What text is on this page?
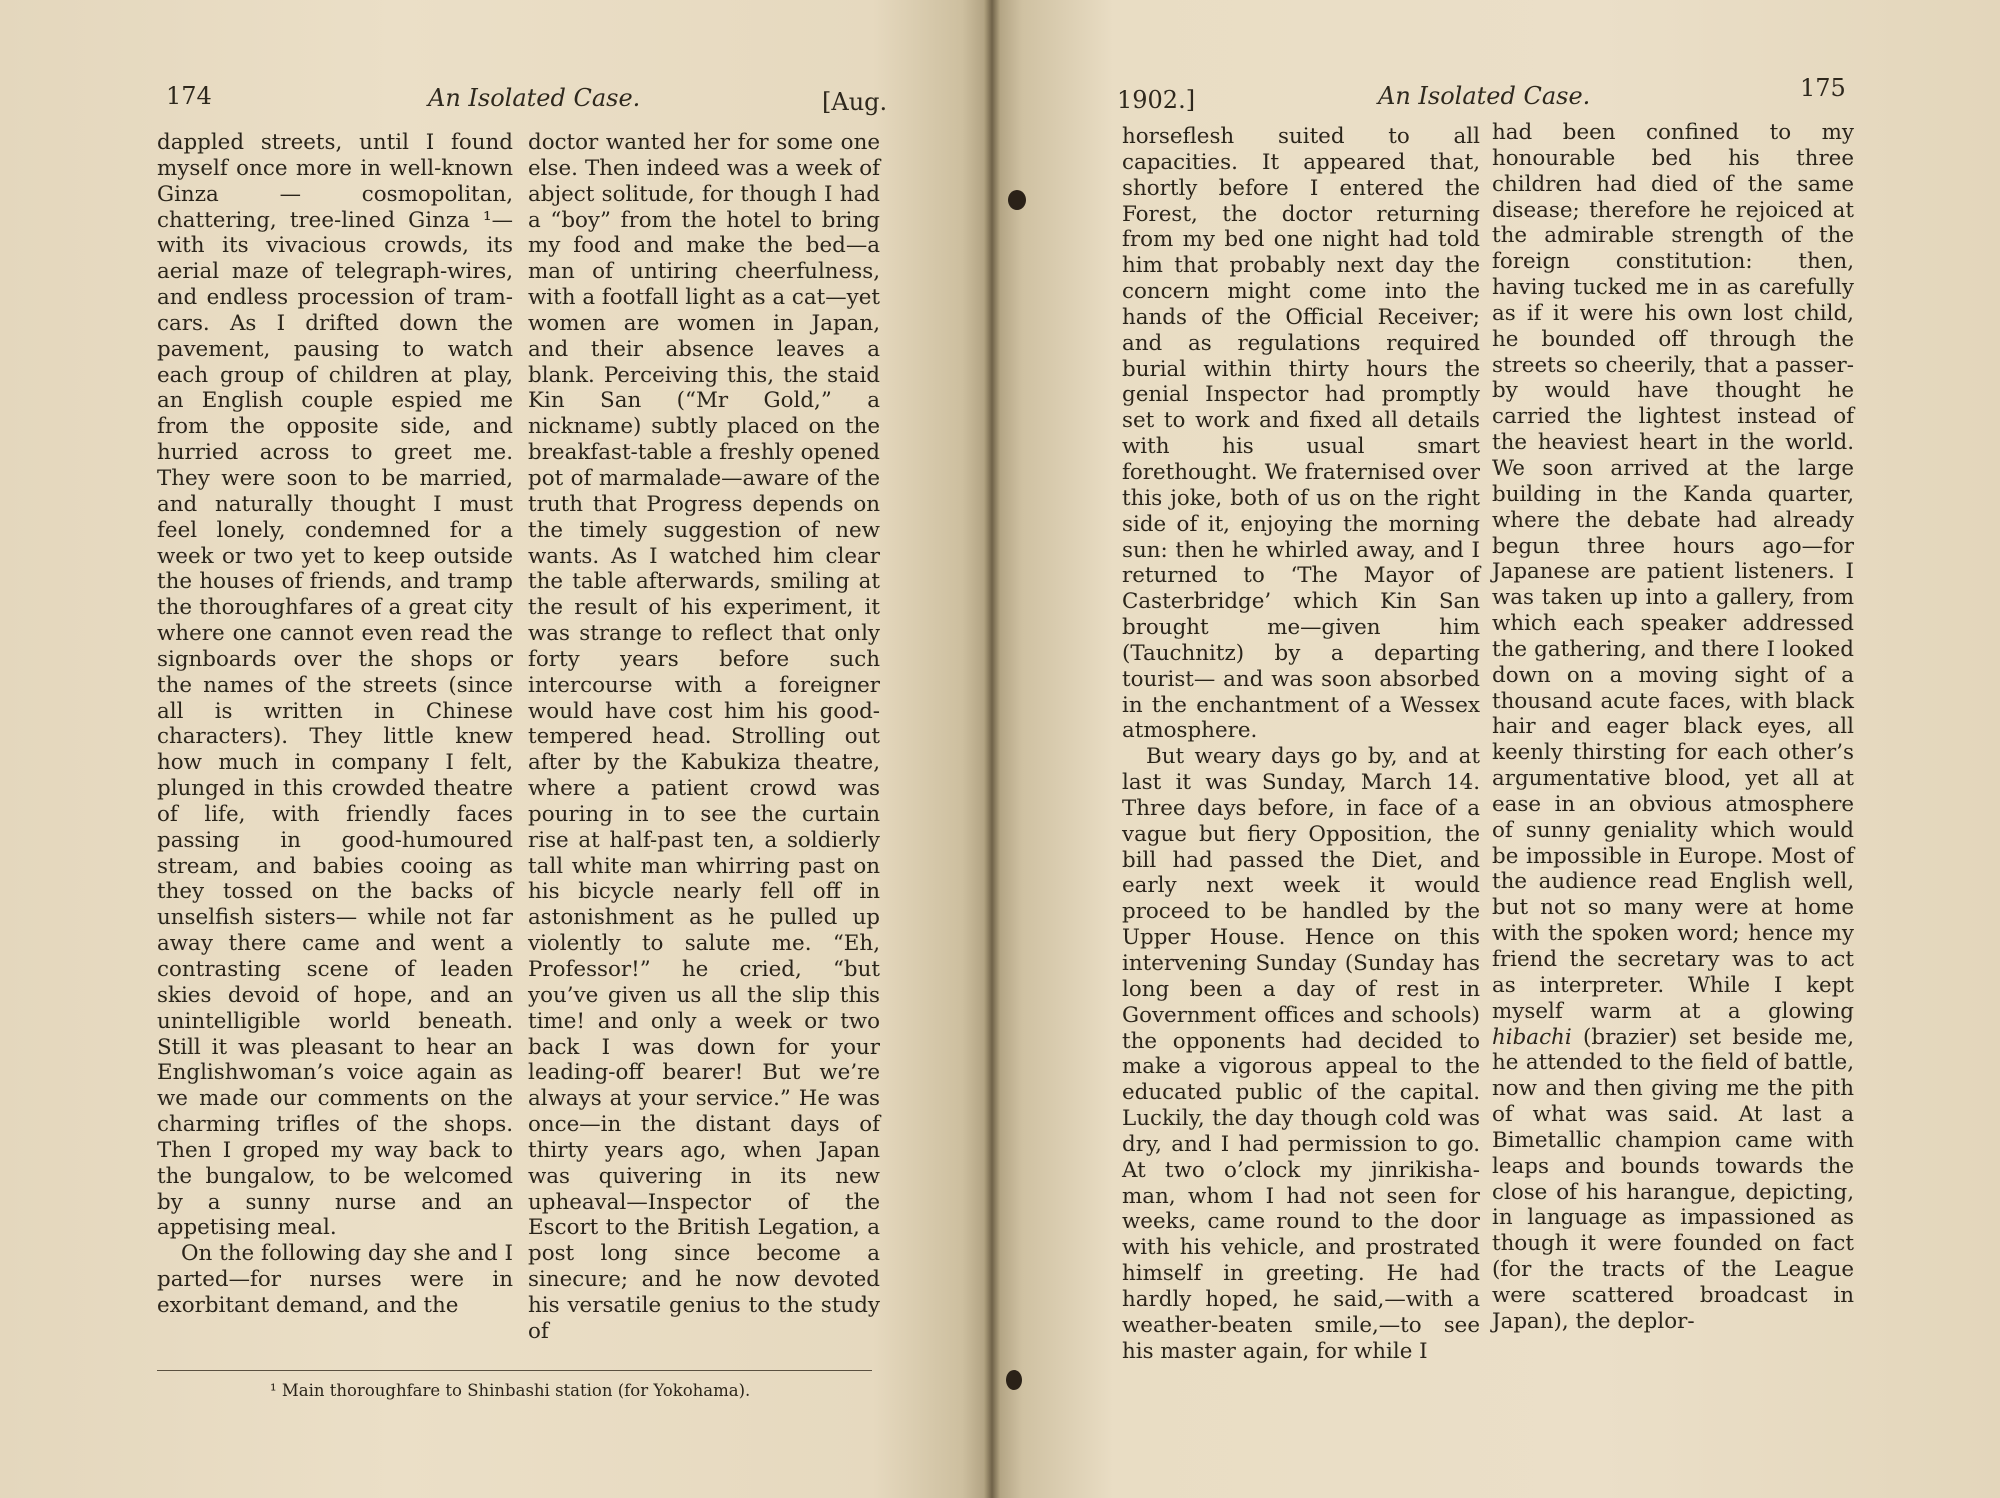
174	An Isolated Case.	[Aug.

dappled streets, until I found myself once more in well-known Ginza — cosmopolitan, chattering, tree-lined Ginza ¹— with its vivacious crowds, its aerial maze of telegraph-wires, and endless procession of tram-cars. As I drifted down the pavement, pausing to watch each group of children at play, an English couple espied me from the opposite side, and hurried across to greet me. They were soon to be married, and naturally thought I must feel lonely, condemned for a week or two yet to keep outside the houses of friends, and tramp the thoroughfares of a great city where one cannot even read the signboards over the shops or the names of the streets (since all is written in Chinese characters). They little knew how much in company I felt, plunged in this crowded theatre of life, with friendly faces passing in good-humoured stream, and babies cooing as they tossed on the backs of unselfish sisters— while not far away there came and went a contrasting scene of leaden skies devoid of hope, and an unintelligible world beneath. Still it was pleasant to hear an Englishwoman’s voice again as we made our comments on the charming trifles of the shops. Then I groped my way back to the bungalow, to be welcomed by a sunny nurse and an appetising meal.

On the following day she and I parted—for nurses were in exorbitant demand, and the

doctor wanted her for some one else. Then indeed was a week of abject solitude, for though I had a “boy” from the hotel to bring my food and make the bed—a man of untiring cheerfulness, with a footfall light as a cat—yet women are women in Japan, and their absence leaves a blank. Perceiving this, the staid Kin San (“Mr Gold,” a nickname) subtly placed on the breakfast-table a freshly opened pot of marmalade—aware of the truth that Progress depends on the timely suggestion of new wants. As I watched him clear the table afterwards, smiling at the result of his experiment, it was strange to reflect that only forty years before such intercourse with a foreigner would have cost him his good-tempered head. Strolling out after by the Kabukiza theatre, where a patient crowd was pouring in to see the curtain rise at half-past ten, a soldierly tall white man whirring past on his bicycle nearly fell off in astonishment as he pulled up violently to salute me. “Eh, Professor!” he cried, “but you’ve given us all the slip this time! and only a week or two back I was down for your leading-off bearer! But we’re always at your service.” He was once—in the distant days of thirty years ago, when Japan was quivering in its new upheaval—Inspector of the Escort to the British Legation, a post long since become a sinecure; and he now devoted his versatile genius to the study of

¹ Main thoroughfare to Shinbashi station (for Yokohama).
1902.]	An Isolated Case.	175

horseflesh suited to all capacities. It appeared that, shortly before I entered the Forest, the doctor returning from my bed one night had told him that probably next day the concern might come into the hands of the Official Receiver; and as regulations required burial within thirty hours the genial Inspector had promptly set to work and fixed all details with his usual smart forethought. We fraternised over this joke, both of us on the right side of it, enjoying the morning sun: then he whirled away, and I returned to ‘The Mayor of Casterbridge’ which Kin San brought me—given him (Tauchnitz) by a departing tourist— and was soon absorbed in the enchantment of a Wessex atmosphere.

But weary days go by, and at last it was Sunday, March 14. Three days before, in face of a vague but fiery Opposition, the bill had passed the Diet, and early next week it would proceed to be handled by the Upper House. Hence on this intervening Sunday (Sunday has long been a day of rest in Government offices and schools) the opponents had decided to make a vigorous appeal to the educated public of the capital. Luckily, the day though cold was dry, and I had permission to go. At two o’clock my jinrikisha-man, whom I had not seen for weeks, came round to the door with his vehicle, and prostrated himself in greeting. He had hardly hoped, he said,—with a weather-beaten smile,—to see his master again, for while I

had been confined to my honourable bed his three children had died of the same disease; therefore he rejoiced at the admirable strength of the foreign constitution: then, having tucked me in as carefully as if it were his own lost child, he bounded off through the streets so cheerily, that a passer-by would have thought he carried the lightest instead of the heaviest heart in the world. We soon arrived at the large building in the Kanda quarter, where the debate had already begun three hours ago—for Japanese are patient listeners. I was taken up into a gallery, from which each speaker addressed the gathering, and there I looked down on a moving sight of a thousand acute faces, with black hair and eager black eyes, all keenly thirsting for each other’s argumentative blood, yet all at ease in an obvious atmosphere of sunny geniality which would be impossible in Europe. Most of the audience read English well, but not so many were at home with the spoken word; hence my friend the secretary was to act as interpreter. While I kept myself warm at a glowing hibachi (brazier) set beside me, he attended to the field of battle, now and then giving me the pith of what was said. At last a Bimetallic champion came with leaps and bounds towards the close of his harangue, depicting, in language as impassioned as though it were founded on fact (for the tracts of the League were scattered broadcast in Japan), the deplor-
